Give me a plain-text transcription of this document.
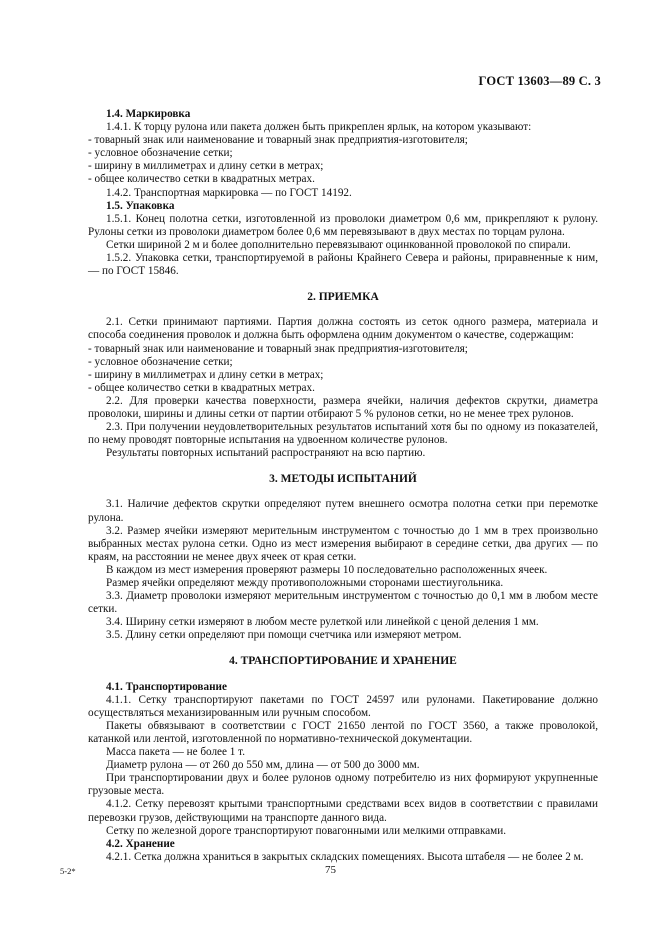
ГОСТ 13603—89 С. 3

1.4. Маркировка

1.4.1. К торцу рулона или пакета должен быть прикреплен ярлык, на котором указывают:

- товарный знак или наименование и товарный знак предприятия-изготовителя;

- условное обозначение сетки;

- ширину в миллиметрах и длину сетки в метрах;

- общее количество сетки в квадратных метрах.

1.4.2. Транспортная маркировка — по ГОСТ 14192.

1.5. Упаковка

1.5.1. Конец полотна сетки, изготовленной из проволоки диаметром 0,6 мм, прикрепляют к рулону. Рулоны сетки из проволоки диаметром более 0,6 мм перевязывают в двух местах по торцам рулона.

Сетки шириной 2 м и более дополнительно перевязывают оцинкованной проволокой по спирали.

1.5.2. Упаковка сетки, транспортируемой в районы Крайнего Севера и районы, приравненные к ним, — по ГОСТ 15846.

2. ПРИЕМКА

2.1. Сетки принимают партиями. Партия должна состоять из сеток одного размера, материала и способа соединения проволок и должна быть оформлена одним документом о качестве, содержащим:

- товарный знак или наименование и товарный знак предприятия-изготовителя;

- условное обозначение сетки;

- ширину в миллиметрах и длину сетки в метрах;

- общее количество сетки в квадратных метрах.

2.2. Для проверки качества поверхности, размера ячейки, наличия дефектов скрутки, диаметра проволоки, ширины и длины сетки от партии отбирают 5 % рулонов сетки, но не менее трех рулонов.

2.3. При получении неудовлетворительных результатов испытаний хотя бы по одному из показателей, по нему проводят повторные испытания на удвоенном количестве рулонов.

Результаты повторных испытаний распространяют на всю партию.

3. МЕТОДЫ ИСПЫТАНИЙ

3.1. Наличие дефектов скрутки определяют путем внешнего осмотра полотна сетки при перемотке рулона.

3.2. Размер ячейки измеряют мерительным инструментом с точностью до 1 мм в трех произвольно выбранных местах рулона сетки. Одно из мест измерения выбирают в середине сетки, два других — по краям, на расстоянии не менее двух ячеек от края сетки.

В каждом из мест измерения проверяют размеры 10 последовательно расположенных ячеек.

Размер ячейки определяют между противоположными сторонами шестиугольника.

3.3. Диаметр проволоки измеряют мерительным инструментом с точностью до 0,1 мм в любом месте сетки.

3.4. Ширину сетки измеряют в любом месте рулеткой или линейкой с ценой деления 1 мм.

3.5. Длину сетки определяют при помощи счетчика или измеряют метром.

4. ТРАНСПОРТИРОВАНИЕ И ХРАНЕНИЕ

4.1. Транспортирование

4.1.1. Сетку транспортируют пакетами по ГОСТ 24597 или рулонами. Пакетирование должно осуществляться механизированным или ручным способом.

Пакеты обвязывают в соответствии с ГОСТ 21650 лентой по ГОСТ 3560, а также проволокой, катанкой или лентой, изготовленной по нормативно-технической документации.

Масса пакета — не более 1 т.

Диаметр рулона — от 260 до 550 мм, длина — от 500 до 3000 мм.

При транспортировании двух и более рулонов одному потребителю из них формируют укрупненные грузовые места.

4.1.2. Сетку перевозят крытыми транспортными средствами всех видов в соответствии с правилами перевозки грузов, действующими на транспорте данного вида.

Сетку по железной дороге транспортируют повагонными или мелкими отправками.

4.2. Хранение

4.2.1. Сетка должна храниться в закрытых складских помещениях. Высота штабеля — не более 2 м.

5-2*	75
